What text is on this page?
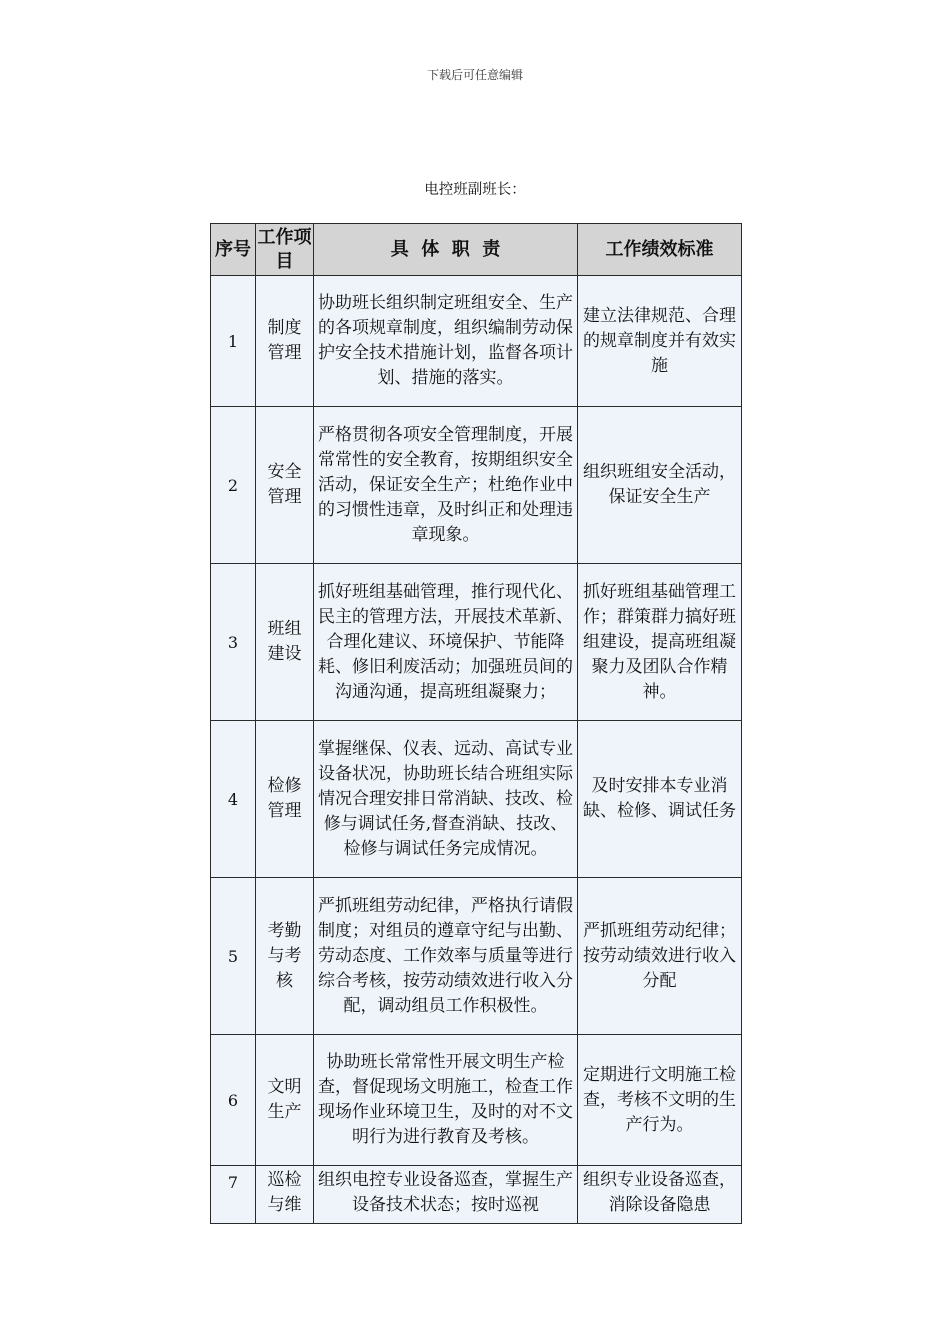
下载后可任意编辑
电控班副班长：
序号	工作项目	具  体  职  责	工作绩效标准
1	制度管理	协助班长组织制定班组安全、生产的各项规章制度，组织编制劳动保护安全技术措施计划，监督各项计划、措施的落实。	建立法律规范、合理的规章制度并有效实施
2	安全管理	严格贯彻各项安全管理制度，开展常常性的安全教育，按期组织安全活动，保证安全生产；杜绝作业中的习惯性违章，及时纠正和处理违章现象。	组织班组安全活动，保证安全生产
3	班组建设	抓好班组基础管理，推行现代化、民主的管理方法，开展技术革新、合理化建议、环境保护、节能降耗、修旧利废活动；加强班员间的沟通沟通，提高班组凝聚力；	抓好班组基础管理工作；群策群力搞好班组建设，提高班组凝聚力及团队合作精神。
4	检修管理	掌握继保、仪表、远动、高试专业设备状况，协助班长结合班组实际情况合理安排日常消缺、技改、检修与调试任务,督查消缺、技改、检修与调试任务完成情况。	及时安排本专业消缺、检修、调试任务
5	考勤与考核	严抓班组劳动纪律，严格执行请假制度；对组员的遵章守纪与出勤、劳动态度、工作效率与质量等进行综合考核，按劳动绩效进行收入分配，调动组员工作积极性。	严抓班组劳动纪律；按劳动绩效进行收入分配
6	文明生产	协助班长常常性开展文明生产检查，督促现场文明施工，检查工作现场作业环境卫生，及时的对不文明行为进行教育及考核。	定期进行文明施工检查，考核不文明的生产行为。
7	巡检与维	组织电控专业设备巡查，掌握生产设备技术状态；按时巡视	组织专业设备巡查，消除设备隐患
